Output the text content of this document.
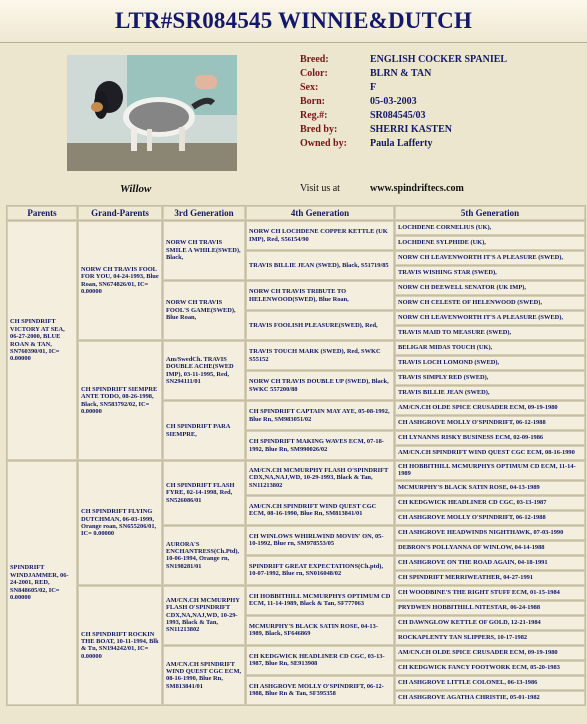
LTR#SR084545 WINNIE&DUTCH
Willow
Breed:	ENGLISH COCKER SPANIEL
Color:	BLRN & TAN
Sex:	F
Born:	05-03-2003
Reg.#:	SR084545/03
Bred by:	SHERRI KASTEN
Owned by:	Paula Lafferty
Visit us at	www.spindriftecs.com
Parents	Grand-Parents	3rd Generation	4th Generation	5th Generation
CH SPINDRIFT VICTORY AT SEA, 06-27-2000, BLUE ROAN & TAN, SN760390/01, IC= 0.00000	NORW CH TRAVIS FOOL FOR YOU, 04-24-1993, Blue Roan, SN674826/01, IC= 0.00000	NORW CH TRAVIS SMILE A WHILE(SWED), Black,	NORW CH LOCHDENE COPPER KETTLE (UK IMP), Red, S56154/90	LOCHDENE CORNELIUS (UK),
				LOCHDENE SYLPHIDE (UK),
			TRAVIS BILLIE JEAN (SWED), Black, S51719/85	NORW CH LEAVENWORTH IT'S A PLEASURE (SWED),
				TRAVIS WISHING STAR (SWED),
		NORW CH TRAVIS FOOL'S GAME(SWED), Blue Roan,	NORW CH TRAVIS TRIBUTE TO HELENWOOD(SWED), Blue Roan,	NORW CH DEEWELL SENATOR (UK IMP),
				NORW CH CELESTE OF HELENWOOD (SWED),
			TRAVIS FOOLISH PLEASURE(SWED), Red,	NORW CH LEAVENWORTH IT'S A PLEASURE (SWED),
				TRAVIS MAID TO MEASURE (SWED),
	CH SPINDRIFT SIEMPRE ANTE TODO, 08-26-1998, Black, SN583792/02, IC= 0.00000	Am/SwedCh. TRAVIS DOUBLE ACHE(SWED IMP), 03-11-1995, Red, SN294111/01	TRAVIS TOUCH MARK (SWED), Red, SWKC S55152	BELIGAR MIDAS TOUCH (UK),
				TRAVIS LOCH LOMOND (SWED),
			NORW CH TRAVIS DOUBLE UP (SWED), Black, SWKC 557200/88	TRAVIS SIMPLY RED (SWED),
				TRAVIS BILLIE JEAN (SWED),
		CH SPINDRIFT PARA SIEMPRE,	CH SPINDRIFT CAPTAIN MAY AYE, 05-08-1992, Blue Rn, SM983051/02	AM/CN.CH OLDE SPICE CRUSADER ECM, 09-19-1980
				CH ASHGROVE MOLLY O'SPINDRIFT, 06-12-1988
			CH SPINDRIFT MAKING WAVES ECM, 07-18-1992, Blue Rn, SM990026/02	CH LYNANNS RISKY BUSINESS ECM, 02-09-1986
				AM/CN.CH SPINDRIFT WIND QUEST CGC ECM, 08-16-1990
SPINDRIFT WINDJAMMER, 06-24-2001, RED, SN848605/02, IC= 0.00000	CH SPINDRIFT FLYING DUTCHMAN, 06-03-1999, Orange roan, SN655206/01, IC= 0.00000	CH SPINDRIFT FLASH FYRE, 02-14-1998, Red, SN526086/01	AM/CN.CH MCMURPHY FLASH O'SPINDRIFT CDX,NA,NAJ,WD, 10-29-1993, Black & Tan, SN11213802	CH HOBBITHILL MCMURPHYS OPTIMUM CD ECM, 11-14-1989
				MCMURPHY'S BLACK SATIN ROSE, 04-13-1989
			AM/CN.CH SPINDRIFT WIND QUEST CGC ECM, 08-16-1990, Blue Rn, SM813841/01	CH KEDGWICK HEADLINER CD CGC, 03-13-1987
				CH ASHGROVE MOLLY O'SPINDRIFT, 06-12-1988
		AURORA'S ENCHANTRESS(Ch.Ptd), 10-06-1994, Orange rn, SN198281/01	CH WINLOWS WHIRLWIND MOVIN' ON, 05-10-1992, Blue rn, SM978553/05	CH ASHGROVE HEADWINDS NIGHTHAWK, 07-03-1990
				DEBRON'S POLLYANNA OF WINLOW, 04-14-1988
			SPINDRIFT GREAT EXPECTATIONS(Ch.ptd), 10-07-1992, Blue rn, SN016048/02	CH ASHGROVE ON THE ROAD AGAIN, 04-18-1991
				CH SPINDRIFT MERRIWEATHER, 04-27-1991
	CH SPINDRIFT ROCKIN THE BOAT, 10-11-1994, Blk & Tn, SN194242/01, IC= 0.00000	AM/CN.CH MCMURPHY FLASH O'SPINDRIFT CDX,NA,NAJ,WD, 10-29-1993, Black & Tan, SN11213802	CH HOBBITHILL MCMURPHYS OPTIMUM CD ECM, 11-14-1989, Black & Tan, SF777063	CH WOODBINE'S THE RIGHT STUFF ECM, 01-15-1984
				PRYDWEN HOBBITHILL NITESTAR, 06-24-1988
			MCMURPHY'S BLACK SATIN ROSE, 04-13-1989, Black, SF646869	CH DAWNGLOW KETTLE OF GOLD, 12-21-1984
				ROCKAPLENTY TAN SLIPPERS, 10-17-1982
		AM/CN.CH SPINDRIFT WIND QUEST CGC ECM, 08-16-1990, Blue Rn, SM813841/01	CH KEDGWICK HEADLINER CD CGC, 03-13-1987, Blue Rn, SE913908	AM/CN.CH OLDE SPICE CRUSADER ECM, 09-19-1980
				CH KEDGWICK FANCY FOOTWORK ECM, 05-20-1983
			CH ASHGROVE MOLLY O'SPINDRIFT, 06-12-1988, Blue Rn & Tan, SF395358	CH ASHGROVE LITTLE COLONEL, 06-13-1986
				CH ASHGROVE AGATHA CHRISTIE, 05-01-1982
